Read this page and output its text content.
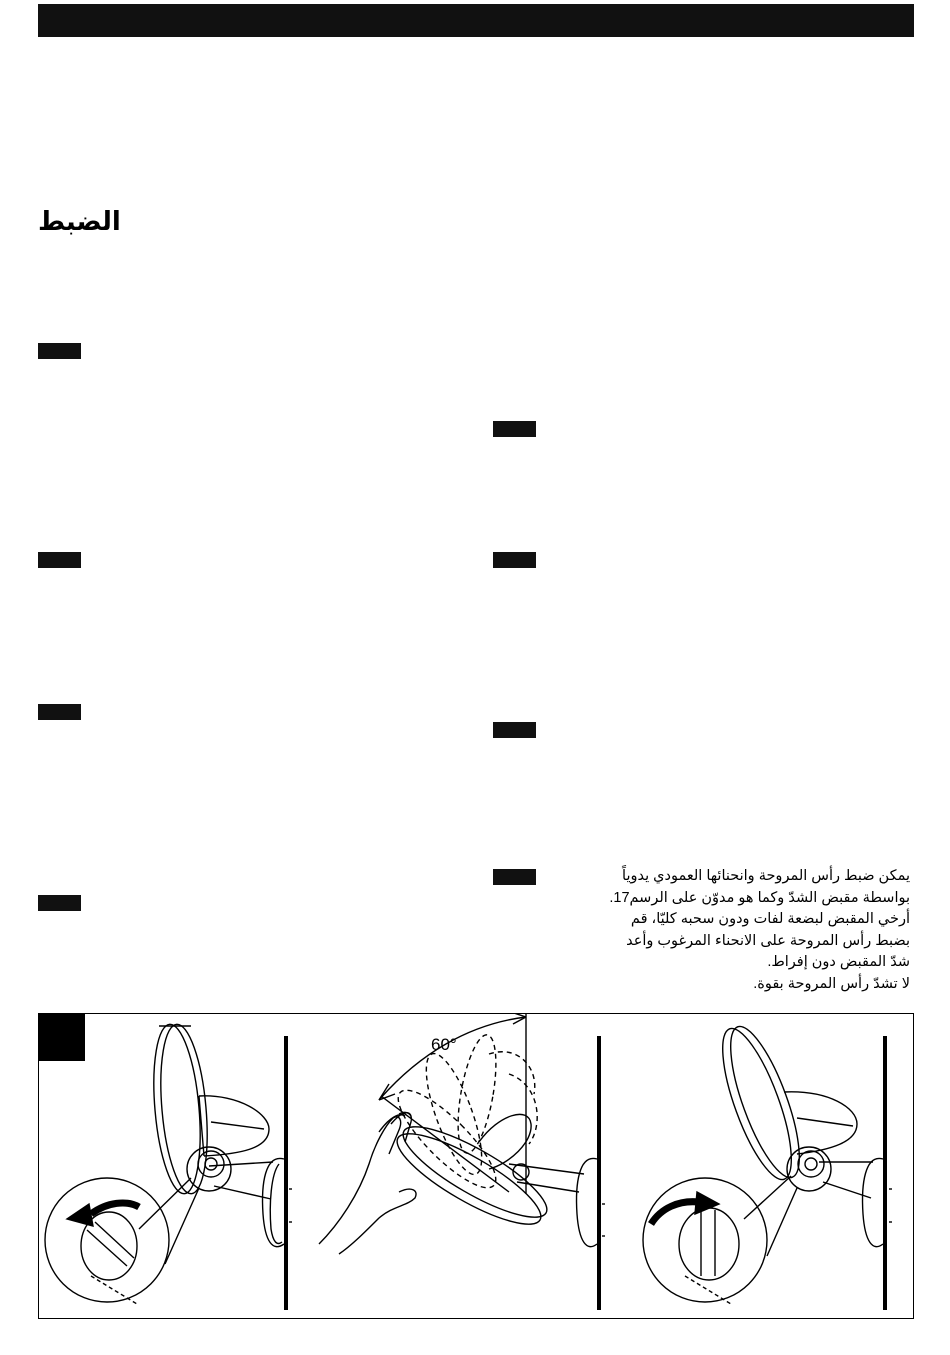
الضبط
يمكن ضبط رأس المروحة وانحنائها العمودي يدوياً
بواسطة مقبض الشدّ وكما هو مدوّن على الرسم17.
أرخي المقبض لبضعة لفات ودون سحبه كليّا، قم
بضبط رأس المروحة على الانحناء المرغوب وأعد
شدّ المقبض دون إفراط.
لا تشدّ رأس المروحة بقوة.
60°
